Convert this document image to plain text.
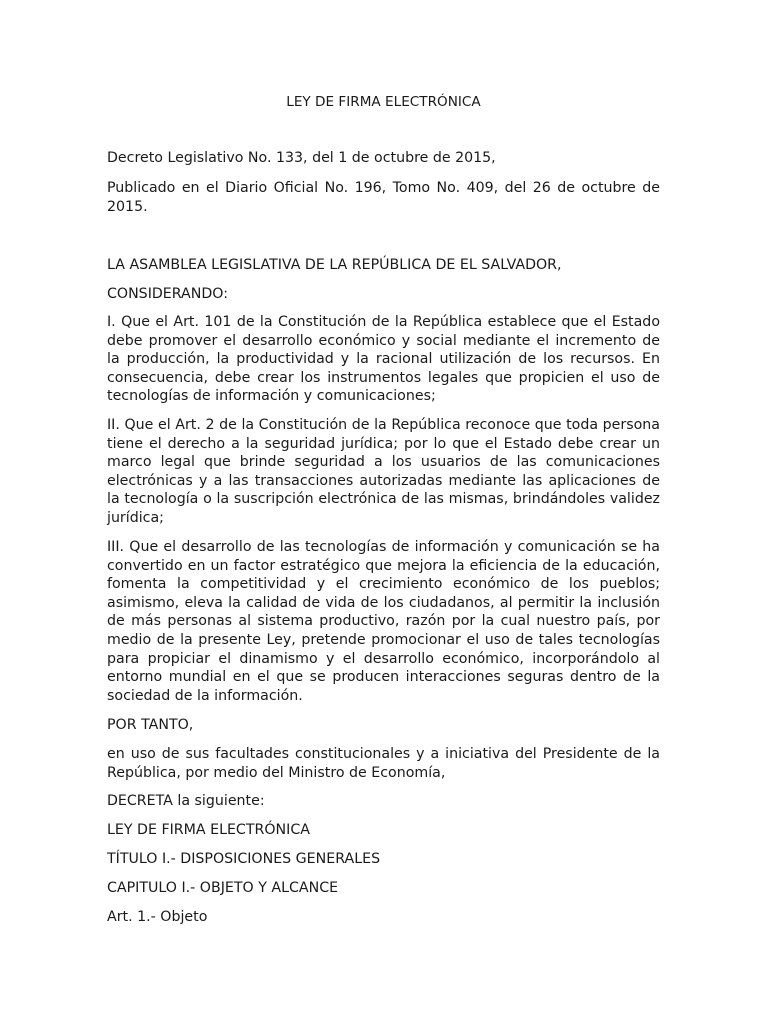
LEY DE FIRMA ELECTRÓNICA

Decreto Legislativo No. 133, del 1 de octubre de 2015,

Publicado en el Diario Oficial No. 196, Tomo No. 409, del 26 de octubre de 2015.

LA ASAMBLEA LEGISLATIVA DE LA REPÚBLICA DE EL SALVADOR,

CONSIDERANDO:

I. Que el Art. 101 de la Constitución de la República establece que el Estado debe promover el desarrollo económico y social mediante el incremento de la producción, la productividad y la racional utilización de los recursos. En consecuencia, debe crear los instrumentos legales que propicien el uso de tecnologías de información y comunicaciones;

II. Que el Art. 2 de la Constitución de la República reconoce que toda persona tiene el derecho a la seguridad jurídica; por lo que el Estado debe crear un marco legal que brinde seguridad a los usuarios de las comunicaciones electrónicas y a las transacciones autorizadas mediante las aplicaciones de la tecnología o la suscripción electrónica de las mismas, brindándoles validez jurídica;

III. Que el desarrollo de las tecnologías de información y comunicación se ha convertido en un factor estratégico que mejora la eficiencia de la educación, fomenta la competitividad y el crecimiento económico de los pueblos; asimismo, eleva la calidad de vida de los ciudadanos, al permitir la inclusión de más personas al sistema productivo, razón por la cual nuestro país, por medio de la presente Ley, pretende promocionar el uso de tales tecnologías para propiciar el dinamismo y el desarrollo económico, incorporándolo al entorno mundial en el que se producen interacciones seguras dentro de la sociedad de la información.

POR TANTO,

en uso de sus facultades constitucionales y a iniciativa del Presidente de la República, por medio del Ministro de Economía,

DECRETA la siguiente:

LEY DE FIRMA ELECTRÓNICA

TÍTULO I.- DISPOSICIONES GENERALES

CAPITULO I.- OBJETO Y ALCANCE

Art. 1.- Objeto
